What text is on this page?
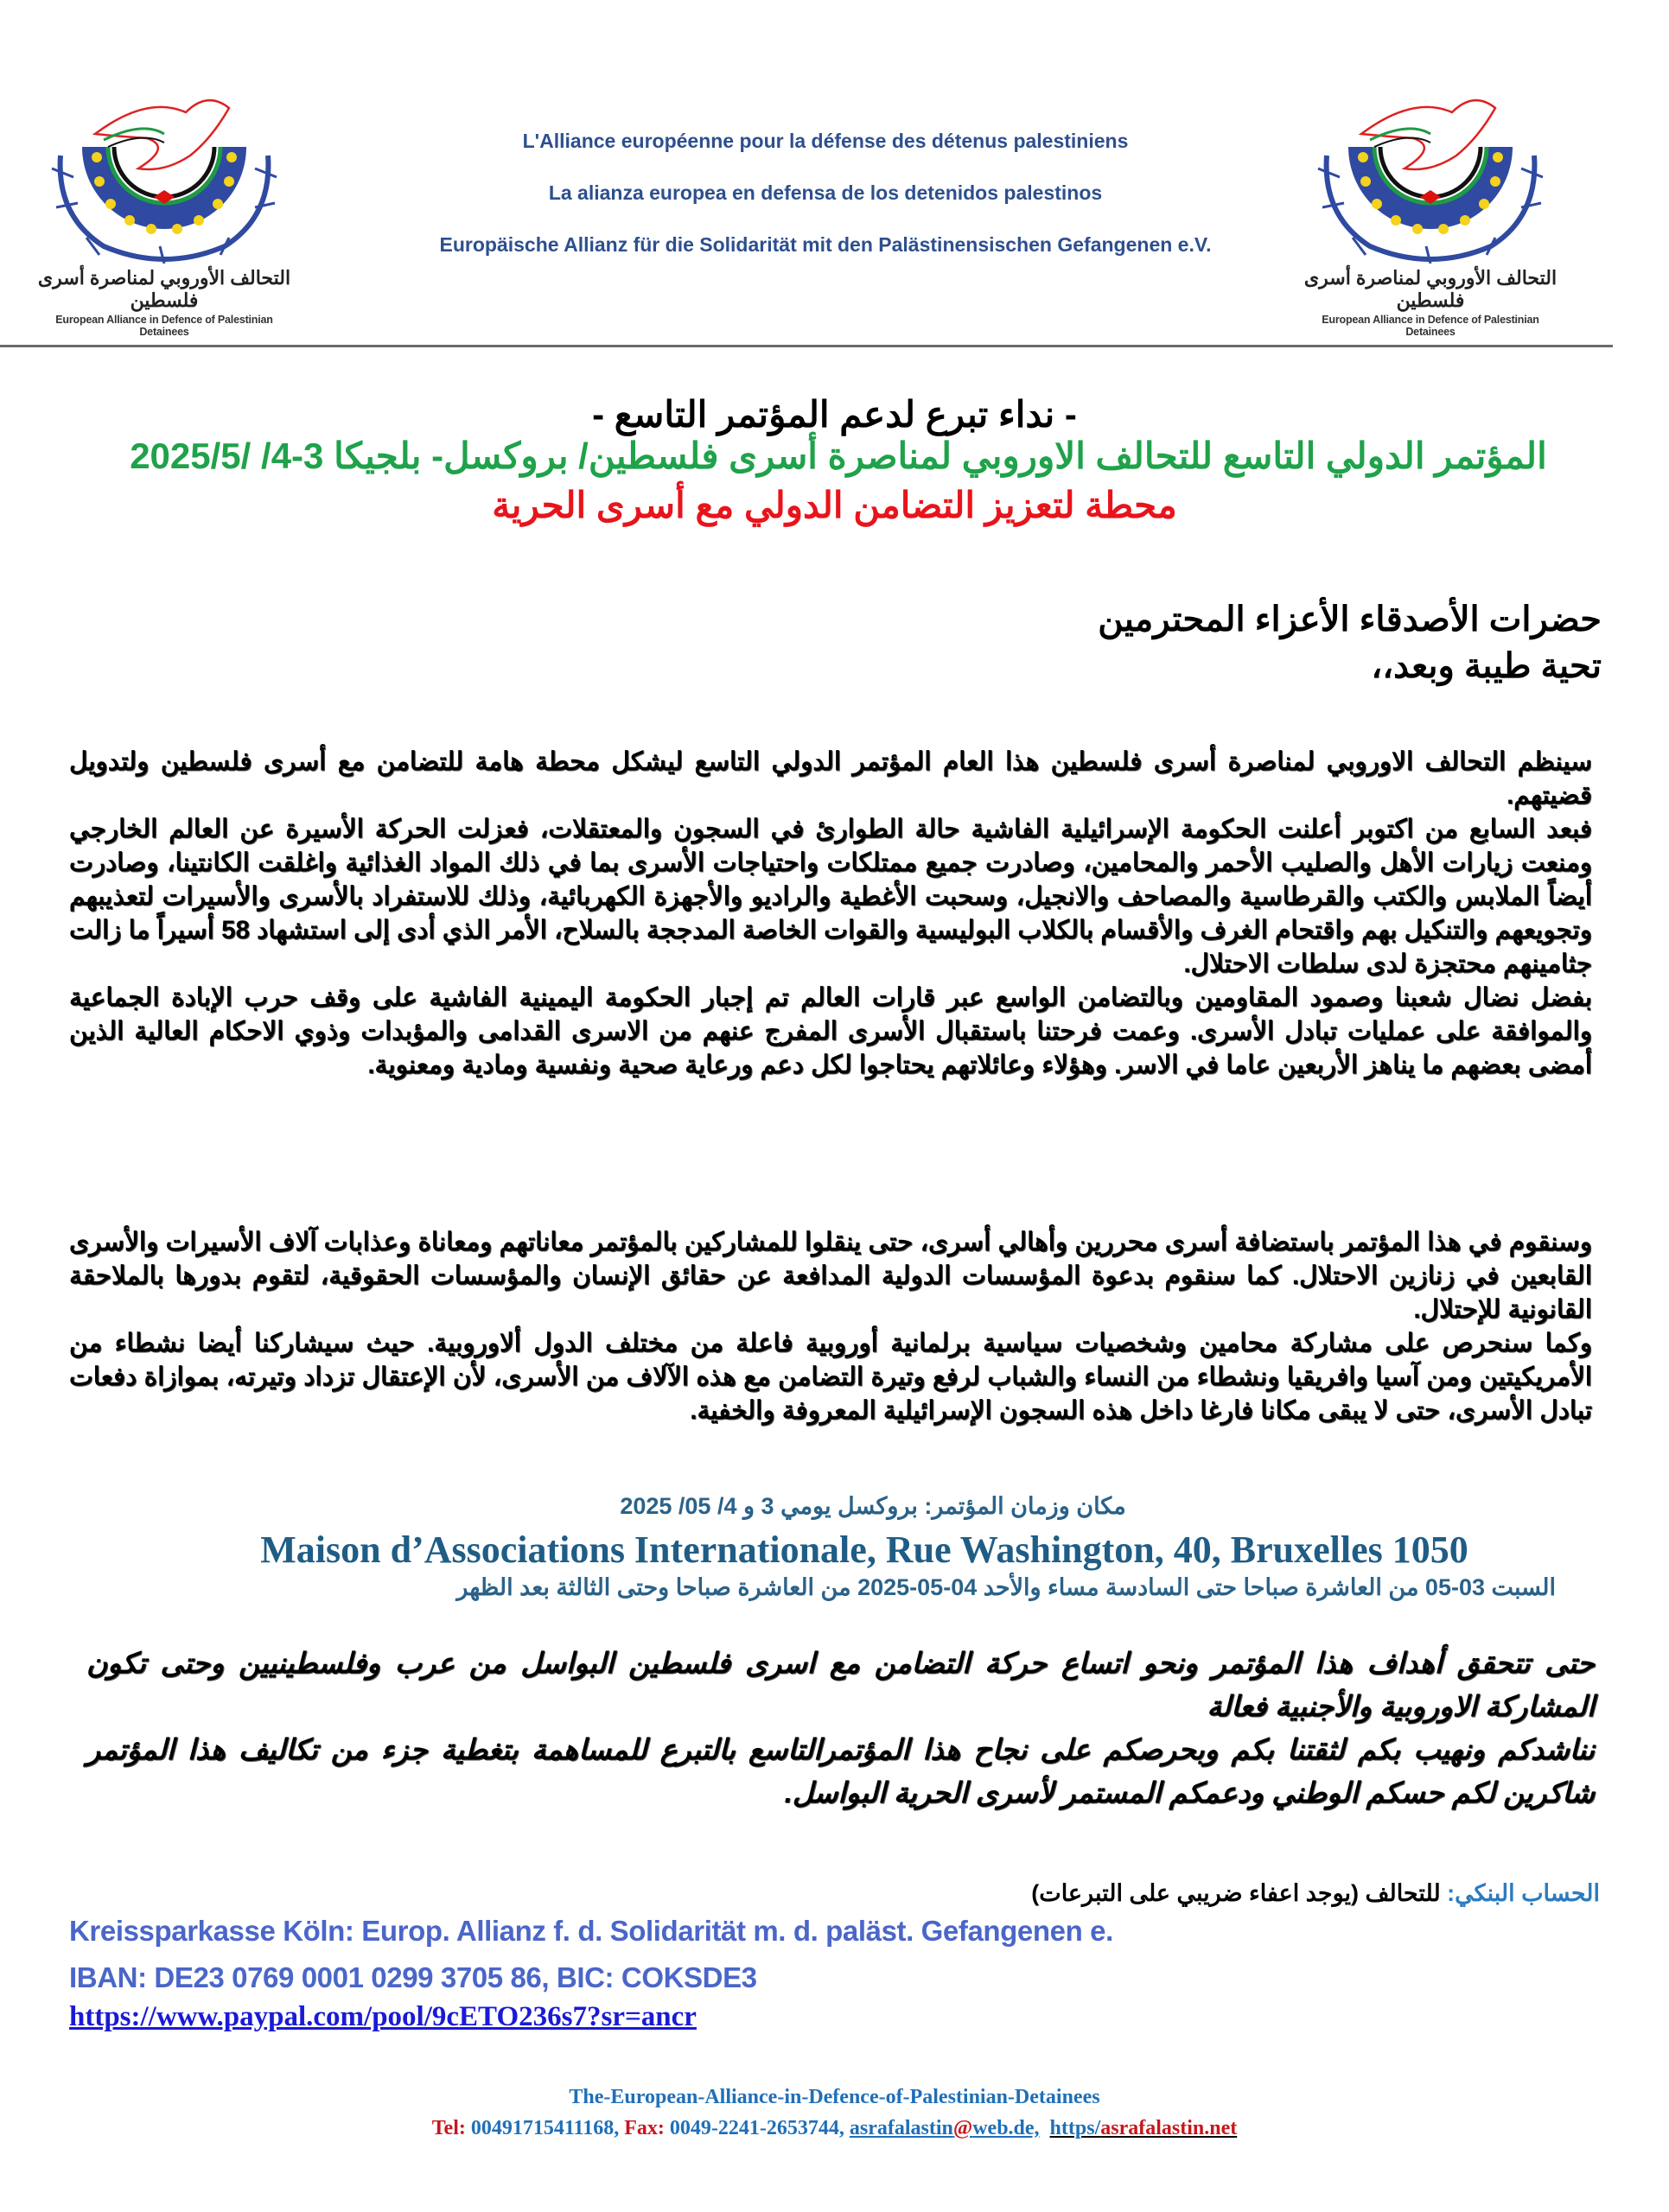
التحالف الأوروبي لمناصرة أسرى فلسطين
European Alliance in Defence of Palestinian Detainees
L'Alliance européenne pour la défense des détenus palestiniens
La alianza europea en defensa de los detenidos palestinos
Europäische Allianz für die Solidarität mit den Palästinensischen Gefangenen e.V.
التحالف الأوروبي لمناصرة أسرى فلسطين
European Alliance in Defence of Palestinian Detainees
- نداء تبرع لدعم المؤتمر التاسع -
المؤتمر الدولي التاسع للتحالف الاوروبي لمناصرة أسرى فلسطين/ بروكسل- بلجيكا 3-4/ /2025/5
محطة لتعزيز التضامن الدولي مع أسرى الحرية
حضرات الأصدقاء الأعزاء المحترمين
تحية طيبة وبعد،،

سينظم التحالف الاوروبي لمناصرة أسرى فلسطين هذا العام المؤتمر الدولي التاسع ليشكل محطة هامة للتضامن مع أسرى فلسطين ولتدويل قضيتهم.

فبعد السابع من اكتوبر أعلنت الحكومة الإسرائيلية الفاشية حالة الطوارئ في السجون والمعتقلات، فعزلت الحركة الأسيرة عن العالم الخارجي ومنعت زيارات الأهل والصليب الأحمر والمحامين، وصادرت جميع ممتلكات واحتياجات الأسرى بما في ذلك المواد الغذائية واغلقت الكانتينا، وصادرت أيضاً الملابس والكتب والقرطاسية والمصاحف والانجيل، وسحبت الأغطية والراديو والأجهزة الكهربائية، وذلك للاستفراد بالأسرى والأسيرات لتعذيبهم وتجويعهم والتنكيل بهم واقتحام الغرف والأقسام بالكلاب البوليسية والقوات الخاصة المدججة بالسلاح، الأمر الذي أدى إلى استشهاد 58 أسيراً ما زالت جثامينهم محتجزة لدى سلطات الاحتلال.

بفضل نضال شعبنا وصمود المقاومين وبالتضامن الواسع عبر قارات العالم تم إجبار الحكومة اليمينية الفاشية على وقف حرب الإبادة الجماعية والموافقة على عمليات تبادل الأسرى. وعمت فرحتنا باستقبال الأسرى المفرج عنهم من الاسرى القدامى والمؤبدات وذوي الاحكام العالية الذين أمضى بعضهم ما يناهز الأربعين عاما في الاسر. وهؤلاء وعائلاتهم يحتاجوا لكل دعم ورعاية صحية ونفسية ومادية ومعنوية.

وسنقوم في هذا المؤتمر باستضافة أسرى محررين وأهالي أسرى، حتى ينقلوا للمشاركين بالمؤتمر معاناتهم ومعاناة وعذابات آلاف الأسيرات والأسرى القابعين في زنازين الاحتلال. كما سنقوم بدعوة المؤسسات الدولية المدافعة عن حقائق الإنسان والمؤسسات الحقوقية، لتقوم بدورها بالملاحقة القانونية للإحتلال.

وكما سنحرص على مشاركة محامين وشخصيات سياسية برلمانية أوروبية فاعلة من مختلف الدول ألاوروبية. حيث سيشاركنا أيضا نشطاء من الأمريكيتين ومن آسيا وافريقيا ونشطاء من النساء والشباب لرفع وتيرة التضامن مع هذه الآلاف من الأسرى، لأن الإعتقال تزداد وتيرته، بموازاة دفعات تبادل الأسرى، حتى لا يبقى مكانا فارغا داخل هذه السجون الإسرائيلية المعروفة والخفية.

مكان وزمان المؤتمر: بروكسل يومي 3 و 4/ 05/ 2025
Maison d’Associations Internationale, Rue Washington, 40, Bruxelles 1050
السبت 03-05 من العاشرة صباحا حتى السادسة مساء والأحد 04-05-2025 من العاشرة صباحا وحتى الثالثة بعد الظهر

حتى تتحقق أهداف هذا المؤتمر ونحو اتساع حركة التضامن مع اسرى فلسطين البواسل من عرب وفلسطينيين وحتى تكون المشاركة الاوروبية والأجنبية فعالة

نناشدكم ونهيب بكم لثقتنا بكم وبحرصكم على نجاح هذا المؤتمرالتاسع بالتبرع للمساهمة بتغطية جزء من تكاليف هذا المؤتمر شاكرين لكم حسكم الوطني ودعمكم المستمر لأسرى الحرية البواسل.

الحساب البنكي: للتحالف (يوجد اعفاء ضريبي على التبرعات)
Kreissparkasse Köln: Europ. Allianz f. d. Solidarität m. d. paläst. Gefangenen e.
IBAN: DE23 0769 0001 0299 3705 86, BIC: COKSDE3
https://www.paypal.com/pool/9cETO236s7?sr=ancr
The-European-Alliance-in-Defence-of-Palestinian-Detainees
Tel: 00491715411168, Fax: 0049-2241-2653744, asrafalastin@web.de, https/asrafalastin.net
